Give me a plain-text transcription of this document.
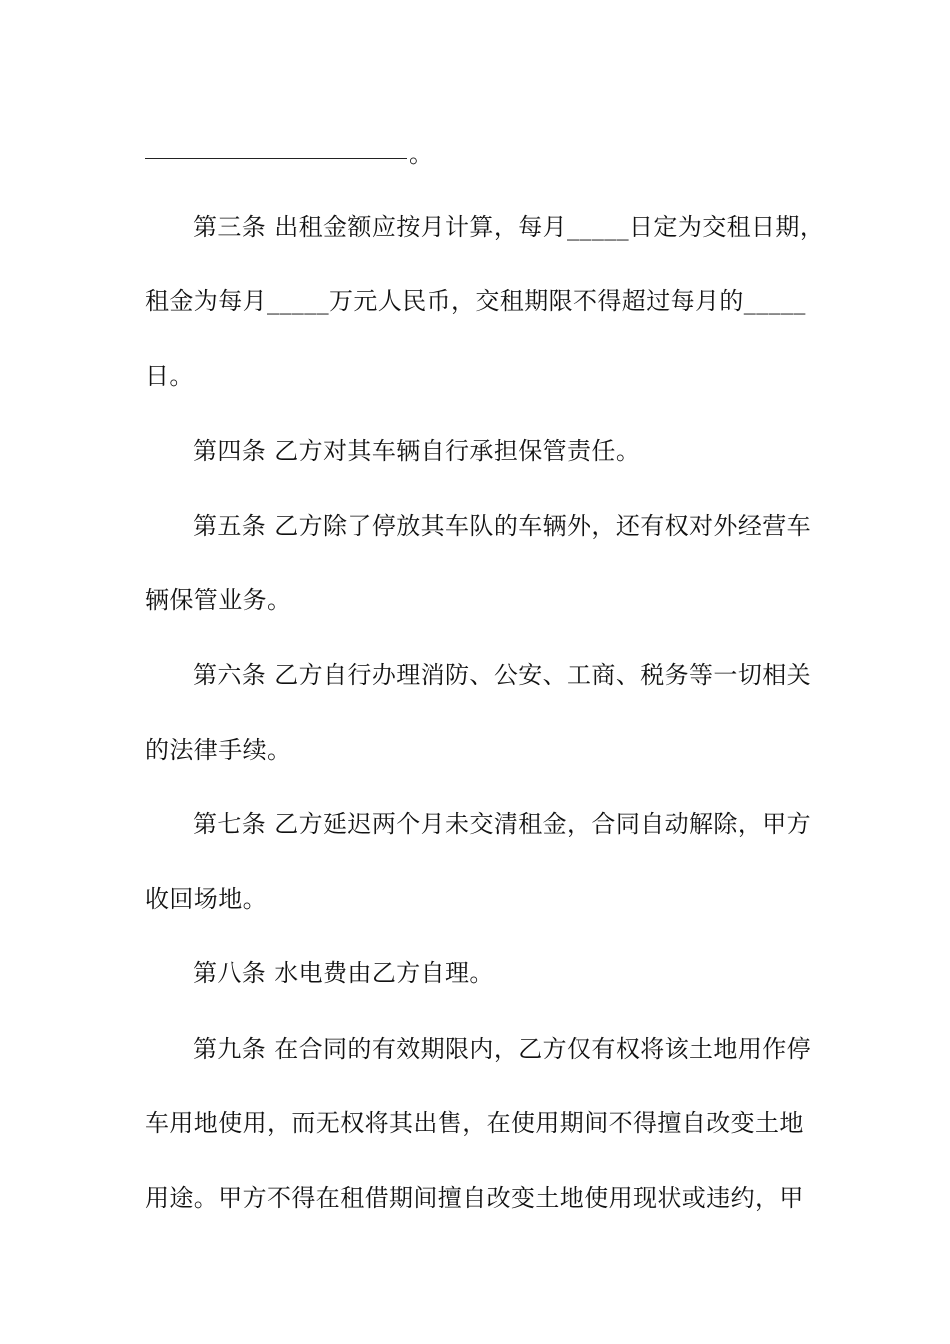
。
第三条 出租金额应按月计算，每月_____日定为交租日期，
租金为每月_____万元人民币，交租期限不得超过每月的_____
日。
第四条 乙方对其车辆自行承担保管责任。
第五条 乙方除了停放其车队的车辆外，还有权对外经营车
辆保管业务。
第六条 乙方自行办理消防、公安、工商、税务等一切相关
的法律手续。
第七条 乙方延迟两个月未交清租金，合同自动解除，甲方
收回场地。
第八条 水电费由乙方自理。
第九条 在合同的有效期限内，乙方仅有权将该土地用作停
车用地使用，而无权将其出售，在使用期间不得擅自改变土地
用途。甲方不得在租借期间擅自改变土地使用现状或违约，甲
